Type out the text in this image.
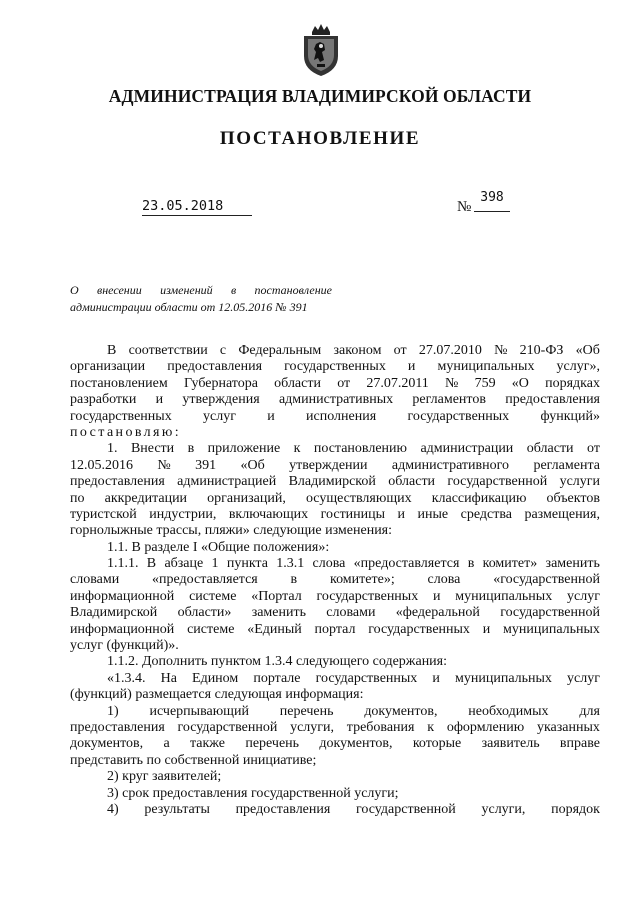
АДМИНИСТРАЦИЯ ВЛАДИМИРСКОЙ ОБЛАСТИ
ПОСТАНОВЛЕНИЕ
23.05.2018	№
398
О внесении изменений в постановление
администрации области от 12.05.2016 № 391
В соответствии с Федеральным законом от 27.07.2010 № 210-ФЗ «Об
организации предоставления государственных и муниципальных услуг»,
постановлением Губернатора области от 27.07.2011 № 759 «О порядках
разработки и утверждения административных регламентов предоставления
государственных услуг и исполнения государственных функций»
постановляю:
1. Внести в приложение к постановлению администрации области от
12.05.2016 № 391 «Об утверждении административного регламента
предоставления администрацией Владимирской области государственной услуги
по аккредитации организаций, осуществляющих классификацию объектов
туристской индустрии, включающих гостиницы и иные средства размещения,
горнолыжные трассы, пляжи» следующие изменения:
1.1. В разделе I «Общие положения»:
1.1.1. В абзаце 1 пункта 1.3.1 слова «предоставляется в комитет» заменить
словами «предоставляется в комитете»; слова «государственной
информационной системе «Портал государственных и муниципальных услуг
Владимирской области» заменить словами «федеральной государственной
информационной системе «Единый портал государственных и муниципальных
услуг (функций)».
1.1.2. Дополнить пунктом 1.3.4 следующего содержания:
«1.3.4. На Едином портале государственных и муниципальных услуг
(функций) размещается следующая информация:
1) исчерпывающий перечень документов, необходимых для
предоставления государственной услуги, требования к оформлению указанных
документов, а также перечень документов, которые заявитель вправе
представить по собственной инициативе;
2) круг заявителей;
3) срок предоставления государственной услуги;
4) результаты предоставления государственной услуги, порядок
